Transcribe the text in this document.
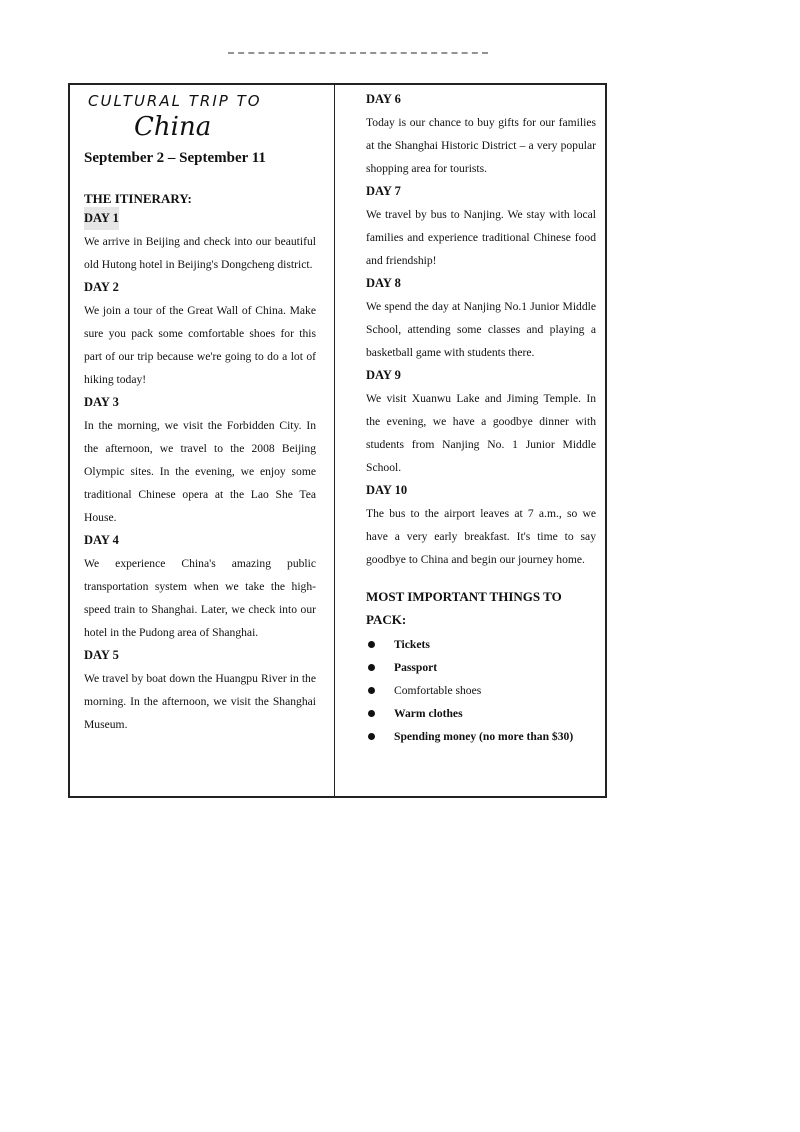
CULTURAL TRIP TO
China
September 2 – September 11
THE ITINERARY:
DAY 1
We arrive in Beijing and check into our beautiful old Hutong hotel in Beijing's Dongcheng district.
DAY 2
We join a tour of the Great Wall of China. Make sure you pack some comfortable shoes for this part of our trip because we're going to do a lot of hiking today!
DAY 3
In the morning, we visit the Forbidden City. In the afternoon, we travel to the 2008 Beijing Olympic sites. In the evening, we enjoy some traditional Chinese opera at the Lao She Tea House.
DAY 4
We experience China's amazing public transportation system when we take the high-speed train to Shanghai. Later, we check into our hotel in the Pudong area of Shanghai.
DAY 5
We travel by boat down the Huangpu River in the morning. In the afternoon, we visit the Shanghai Museum.
DAY 6
Today is our chance to buy gifts for our families at the Shanghai Historic District – a very popular shopping area for tourists.
DAY 7
We travel by bus to Nanjing. We stay with local families and experience traditional Chinese food and friendship!
DAY 8
We spend the day at Nanjing No.1 Junior Middle School, attending some classes and playing a basketball game with students there.
DAY 9
We visit Xuanwu Lake and Jiming Temple. In the evening, we have a goodbye dinner with students from Nanjing No. 1 Junior Middle School.
DAY 10
The bus to the airport leaves at 7 a.m., so we have a very early breakfast. It's time to say goodbye to China and begin our journey home.
MOST IMPORTANT THINGS TO PACK:
Tickets
Passport
Comfortable shoes
Warm clothes
Spending money (no more than $30)
